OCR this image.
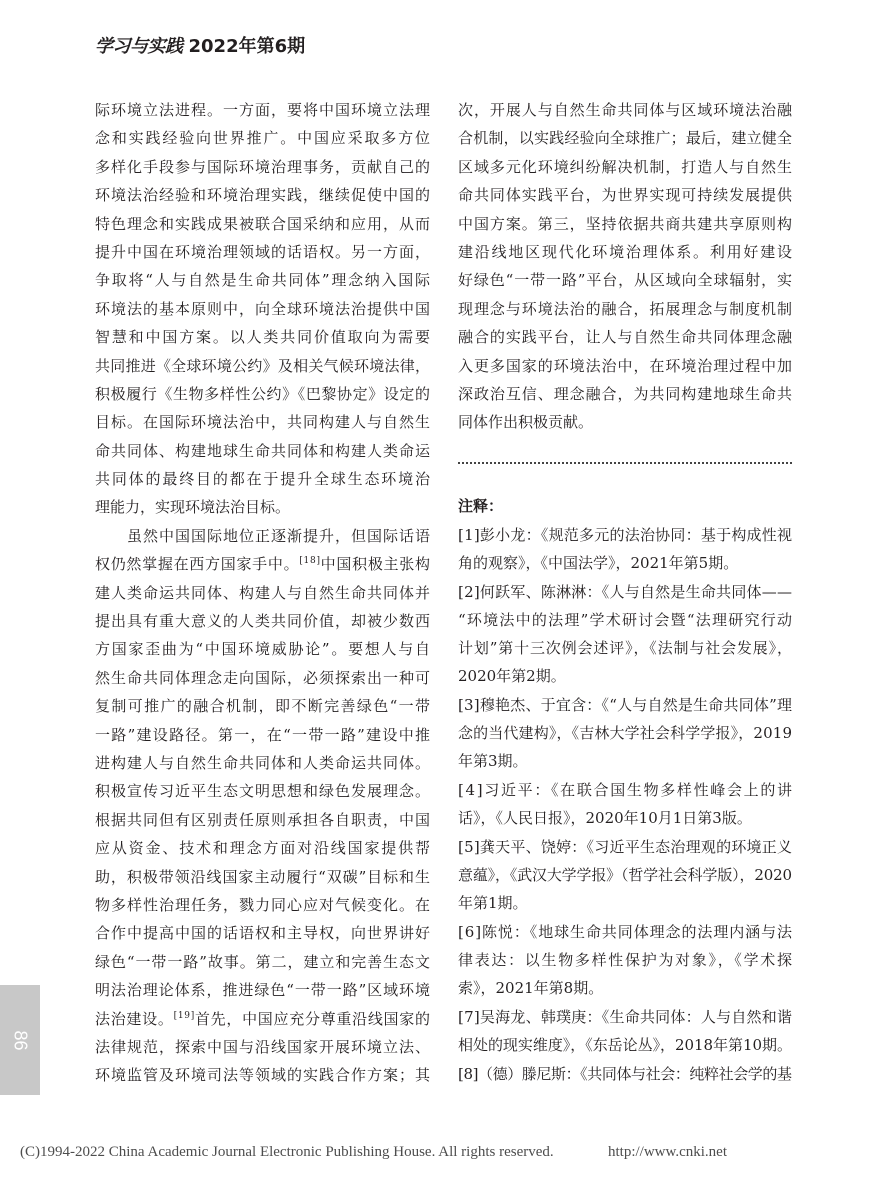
学习与实践 2022年第6期
际环境立法进程。一方面，要将中国环境立法理
念和实践经验向世界推广。中国应采取多方位
多样化手段参与国际环境治理事务，贡献自己的
环境法治经验和环境治理实践，继续促使中国的
特色理念和实践成果被联合国采纳和应用，从而
提升中国在环境治理领域的话语权。另一方面，
争取将“人与自然是生命共同体”理念纳入国际
环境法的基本原则中，向全球环境法治提供中国
智慧和中国方案。以人类共同价值取向为需要
共同推进《全球环境公约》及相关气候环境法律，
积极履行《生物多样性公约》《巴黎协定》设定的
目标。在国际环境法治中，共同构建人与自然生
命共同体、构建地球生命共同体和构建人类命运
共同体的最终目的都在于提升全球生态环境治
理能力，实现环境法治目标。
虽然中国国际地位正逐渐提升，但国际话语
权仍然掌握在西方国家手中。[18]中国积极主张构
建人类命运共同体、构建人与自然生命共同体并
提出具有重大意义的人类共同价值，却被少数西
方国家歪曲为“中国环境威胁论”。要想人与自
然生命共同体理念走向国际，必须探索出一种可
复制可推广的融合机制，即不断完善绿色“一带
一路”建设路径。第一，在“一带一路”建设中推
进构建人与自然生命共同体和人类命运共同体。
积极宣传习近平生态文明思想和绿色发展理念。
根据共同但有区别责任原则承担各自职责，中国
应从资金、技术和理念方面对沿线国家提供帮
助，积极带领沿线国家主动履行“双碳”目标和生
物多样性治理任务，戮力同心应对气候变化。在
合作中提高中国的话语权和主导权，向世界讲好
绿色“一带一路”故事。第二，建立和完善生态文
明法治理论体系，推进绿色“一带一路”区域环境
法治建设。[19]首先，中国应充分尊重沿线国家的
法律规范，探索中国与沿线国家开展环境立法、
环境监管及环境司法等领域的实践合作方案；其
次，开展人与自然生命共同体与区域环境法治融
合机制，以实践经验向全球推广；最后，建立健全
区域多元化环境纠纷解决机制，打造人与自然生
命共同体实践平台，为世界实现可持续发展提供
中国方案。第三，坚持依据共商共建共享原则构
建沿线地区现代化环境治理体系。利用好建设
好绿色“一带一路”平台，从区域向全球辐射，实
现理念与环境法治的融合，拓展理念与制度机制
融合的实践平台，让人与自然生命共同体理念融
入更多国家的环境法治中，在环境治理过程中加
深政治互信、理念融合，为共同构建地球生命共
同体作出积极贡献。
注释：
[1]彭小龙：《规范多元的法治协同：基于构成性视
角的观察》，《中国法学》，2021年第5期。
[2]何跃军、陈淋淋：《人与自然是生命共同体——
“环境法中的法理”学术研讨会暨“法理研究行动
计划”第十三次例会述评》，《法制与社会发展》，
2020年第2期。
[3]穆艳杰、于宜含：《“人与自然是生命共同体”理
念的当代建构》，《吉林大学社会科学学报》，2019
年第3期。
[4]习近平：《在联合国生物多样性峰会上的讲
话》，《人民日报》，2020年10月1日第3版。
[5]龚天平、饶婷：《习近平生态治理观的环境正义
意蕴》，《武汉大学学报》（哲学社会科学版），2020
年第1期。
[6]陈悦：《地球生命共同体理念的法理内涵与法
律表达：以生物多样性保护为对象》，《学术探
索》，2021年第8期。
[7]吴海龙、韩璞庚：《生命共同体：人与自然和谐
相处的现实维度》，《东岳论丛》，2018年第10期。
[8]（德）滕尼斯：《共同体与社会：纯粹社会学的基
86
(C)1994-2022 China Academic Journal Electronic Publishing House. All rights reserved.	http://www.cnki.net
